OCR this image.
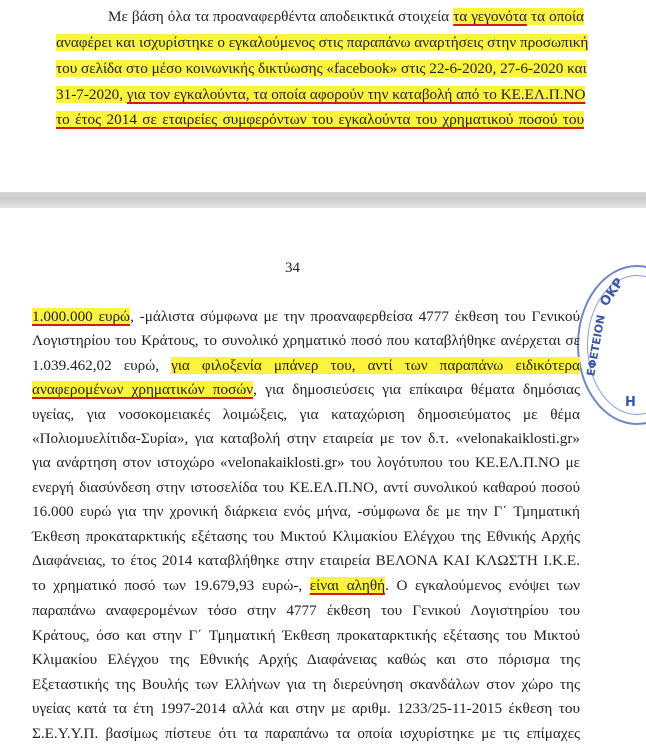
Με βάση όλα τα προαναφερθέντα αποδεικτικά στοιχεία τα γεγονότα τα οποία
αναφέρει και ισχυρίστηκε ο εγκαλούμενος στις παραπάνω αναρτήσεις στην προσωπική
του σελίδα στο μέσο κοινωνικής δικτύωσης «facebook» στις 22-6-2020, 27-6-2020 και
31-7-2020, για τον εγκαλούντα, τα οποία αφορούν την καταβολή από το ΚΕ.ΕΛ.Π.ΝΟ
το έτος 2014 σε εταιρείες συμφερόντων του εγκαλούντα του χρηματικού ποσού του
34
ΟΚΡ
ΕΦΕΤΕΙΟΝ
Η
1.000.000 ευρώ, -μάλιστα σύμφωνα με την προαναφερθείσα 4777 έκθεση του Γενικού
Λογιστηρίου του Κράτους, το συνολικό χρηματικό ποσό που καταβλήθηκε ανέρχεται σε
1.039.462,02 ευρώ, για φιλοξενία μπάνερ του, αντί των παραπάνω ειδικότερα
αναφερομένων χρηματικών ποσών, για δημοσιεύσεις για επίκαιρα θέματα δημόσιας
υγείας, για νοσοκομειακές λοιμώξεις, για καταχώριση δημοσιεύματος με θέμα
«Πολιομυελίτιδα-Συρία», για καταβολή στην εταιρεία με τον δ.τ. «velonakaiklosti.gr»
για ανάρτηση στον ιστοχώρο «velonakaiklosti.gr» του λογότυπου του ΚΕ.ΕΛ.Π.ΝΟ με
ενεργή διασύνδεση στην ιστοσελίδα του ΚΕ.ΕΛ.Π.ΝΟ, αντί συνολικού καθαρού ποσού
16.000 ευρώ για την χρονική διάρκεια ενός μήνα, -σύμφωνα δε με την Γ΄ Τμηματική
Έκθεση προκαταρκτικής εξέτασης του Μικτού Κλιμακίου Ελέγχου της Εθνικής Αρχής
Διαφάνειας, το έτος 2014 καταβλήθηκε στην εταιρεία ΒΕΛΟΝΑ ΚΑΙ ΚΛΩΣΤΗ Ι.Κ.Ε.
το χρηματικό ποσό των 19.679,93 ευρώ-, είναι αληθή. Ο εγκαλούμενος ενόψει των
παραπάνω αναφερομένων τόσο στην 4777 έκθεση του Γενικού Λογιστηρίου του
Κράτους, όσο και στην Γ΄ Τμηματική Έκθεση προκαταρκτικής εξέτασης του Μικτού
Κλιμακίου Ελέγχου της Εθνικής Αρχής Διαφάνειας καθώς και στο πόρισμα της
Εξεταστικής της Βουλής των Ελλήνων για τη διερεύνηση σκανδάλων στον χώρο της
υγείας κατά τα έτη 1997-2014 αλλά και στην με αριθμ. 1233/25-11-2015 έκθεση του
Σ.Ε.Υ.Υ.Π. βασίμως πίστευε ότι τα παραπάνω τα οποία ισχυρίστηκε με τις επίμαχες
